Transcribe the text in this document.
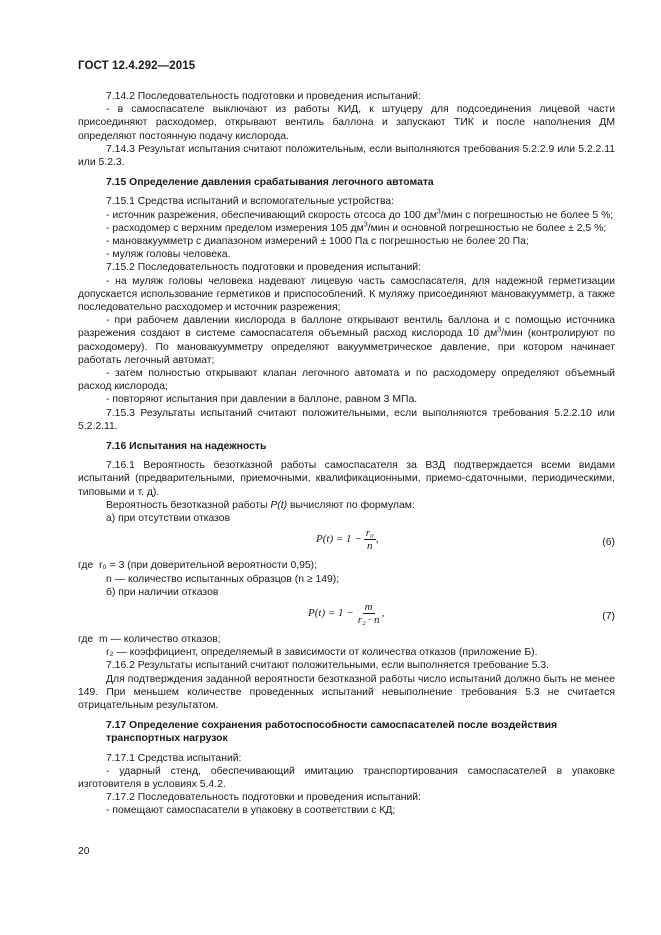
ГОСТ 12.4.292—2015
7.14.2 Последовательность подготовки и проведения испытаний:
- в самоспасателе выключают из работы КИД, к штуцеру для подсоединения лицевой части присоединяют расходомер, открывают вентиль баллона и запускают ТИК и после наполнения ДМ определяют постоянную подачу кислорода.
7.14.3 Результат испытания считают положительным, если выполняются требования 5.2.2.9 или 5.2.2.11 или 5.2.3.
7.15 Определение давления срабатывания легочного автомата
7.15.1 Средства испытаний и вспомогательные устройства:
- источник разрежения, обеспечивающий скорость отсоса до 100 $дм^3$/мин с погрешностью не более 5 %;
- расходомер с верхним пределом измерения 105 $дм^3$/мин и основной погрешностью не более ± 2,5 %;
- мановакуумметр с диапазоном измерений ± 1000 Па с погрешностью не более 20 Па;
- муляж головы человека.
7.15.2 Последовательность подготовки и проведения испытаний:
- на муляж головы человека надевают лицевую часть самоспасателя, для надежной герметизации допускается использование герметиков и приспособлений. К муляжу присоединяют мановакуумметр, а также последовательно расходомер и источник разрежения;
- при рабочем давлении кислорода в баллоне открывают вентиль баллона и с помощью источника разрежения создают в системе самоспасателя объемный расход кислорода 10 $дм^3$/мин (контролируют по расходомеру). По мановакуумметру определяют вакуумметрическое давление, при котором начинает работать легочный автомат;
- затем полностью открывают клапан легочного автомата и по расходомеру определяют объемный расход кислорода;
- повторяют испытания при давлении в баллоне, равном 3 МПа.
7.15.3 Результаты испытаний считают положительными, если выполняются требования 5.2.2.10 или 5.2.2.11.
7.16 Испытания на надежность
7.16.1 Вероятность безотказной работы самоспасателя за ВЗД подтверждается всеми видами испытаний (предварительными, приемочными, квалификационными, приемо-сдаточными, периодическими, типовыми и т. д).
Вероятность безотказной работы P(t) вычисляют по формулам:
а) при отсутствии отказов
$P(t) = 1 - \frac{\text{r₀}}{n}$ ,	(6)
где r₀ = 3 (при доверительной вероятности 0,95);
n — количество испытанных образцов (n ≥ 149);
б) при наличии отказов
$P(t) = 1 - \frac{m}{\text{r₂ · n}}$ ,	(7)
где m — количество отказов;
r₂ — коэффициент, определяемый в зависимости от количества отказов (приложение Б).
7.16.2 Результаты испытаний считают положительными, если выполняется требование 5.3.
Для подтверждения заданной вероятности безотказной работы число испытаний должно быть не менее 149. При меньшем количестве проведенных испытаний невыполнение требования 5.3 не считается отрицательным результатом.
7.17 Определение сохранения работоспособности самоспасателей после воздействия транспортных нагрузок
7.17.1 Средства испытаний:
- ударный стенд, обеспечивающий имитацию транспортирования самоспасателей в упаковке изготовителя в условиях 5.4.2.
7.17.2 Последовательность подготовки и проведения испытаний:
- помещают самоспасатели в упаковку в соответствии с КД;
20
